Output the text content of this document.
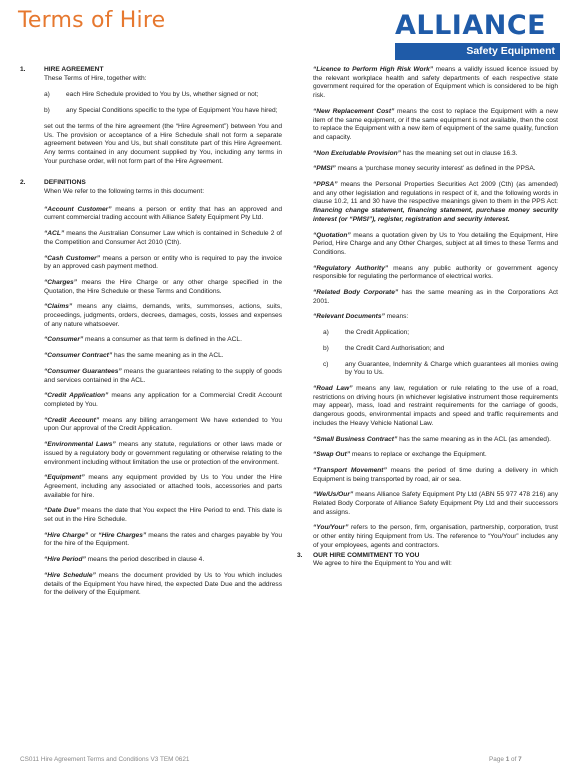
Terms of Hire	ALLIANCE
Safety Equipment
1.	HIRE AGREEMENT

These Terms of Hire, together with:

a)	each Hire Schedule provided to You by Us, whether signed or not;
b)	any Special Conditions specific to the type of Equipment You have hired;

set out the terms of the hire agreement (the “Hire Agreement”) between You and Us. The provision or acceptance of a Hire Schedule shall not form a separate agreement between You and Us, but shall constitute part of this Hire Agreement. Any terms contained in any document supplied by You, including any terms in Your purchase order, will not form part of the Hire Agreement.

2.	DEFINITIONS

When We refer to the following terms in this document:

“Account Customer” means a person or entity that has an approved and current commercial trading account with Alliance Safety Equipment Pty Ltd.

“ACL” means the Australian Consumer Law which is contained in Schedule 2 of the Competition and Consumer Act 2010 (Cth).

“Cash Customer” means a person or entity who is required to pay the invoice by an approved cash payment method.

“Charges” means the Hire Charge or any other charge specified in the Quotation, the Hire Schedule or these Terms and Conditions.

“Claims” means any claims, demands, writs, summonses, actions, suits, proceedings, judgments, orders, decrees, damages, costs, losses and expenses of any nature whatsoever.

“Consumer” means a consumer as that term is defined in the ACL.

“Consumer Contract” has the same meaning as in the ACL.

“Consumer Guarantees” means the guarantees relating to the supply of goods and services contained in the ACL.

“Credit Application” means any application for a Commercial Credit Account completed by You.

“Credit Account” means any billing arrangement We have extended to You upon Our approval of the Credit Application.

“Environmental Laws” means any statute, regulations or other laws made or issued by a regulatory body or government regulating or otherwise relating to the environment including without limitation the use or protection of the environment.

“Equipment” means any equipment provided by Us to You under the Hire Agreement, including any associated or attached tools, accessories and parts available for hire.

“Date Due” means the date that You expect the Hire Period to end. This date is set out in the Hire Schedule.

“Hire Charge” or “Hire Charges” means the rates and charges payable by You for the hire of the Equipment.

“Hire Period” means the period described in clause 4.

“Hire Schedule” means the document provided by Us to You which includes details of the Equipment You have hired, the expected Date Due and the address for the delivery of the Equipment.

“Licence to Perform High Risk Work” means a validly issued licence issued by the relevant workplace health and safety departments of each respective state government required for the operation of Equipment which is considered to be high risk.

“New Replacement Cost” means the cost to replace the Equipment with a new item of the same equipment, or if the same equipment is not available, then the cost to replace the Equipment with a new item of equipment of the same quality, function and capacity.

“Non Excludable Provision” has the meaning set out in clause 16.3.

“PMSI” means a ‘purchase money security interest’ as defined in the PPSA.

“PPSA” means the Personal Properties Securities Act 2009 (Cth) (as amended) and any other legislation and regulations in respect of it, and the following words in clause 10.2, 11 and 30 have the respective meanings given to them in the PPS Act: financing change statement, financing statement, purchase money security interest (or “PMSI”), register, registration and security interest.

“Quotation” means a quotation given by Us to You detailing the Equipment, Hire Period, Hire Charge and any Other Charges, subject at all times to these Terms and Conditions.

“Regulatory Authority” means any public authority or government agency responsible for regulating the performance of electrical works.

“Related Body Corporate” has the same meaning as in the Corporations Act 2001.

“Relevant Documents” means:

a)	the Credit Application;
b)	the Credit Card Authorisation; and
c)	any Guarantee, Indemnity & Charge which guarantees all monies owing by You to Us.

“Road Law” means any law, regulation or rule relating to the use of a road, restrictions on driving hours (in whichever legislative instrument those requirements may appear), mass, load and restraint requirements for the carriage of goods, dangerous goods, environmental impacts and speed and traffic requirements and includes the Heavy Vehicle National Law.

“Small Business Contract” has the same meaning as in the ACL (as amended).

“Swap Out” means to replace or exchange the Equipment.

“Transport Movement” means the period of time during a delivery in which Equipment is being transported by road, air or sea.

“We/Us/Our” means Alliance Safety Equipment Pty Ltd (ABN 55 977 478 216) any Related Body Corporate of Alliance Safety Equipment Pty Ltd and their successors and assigns.

“You/Your” refers to the person, firm, organisation, partnership, corporation, trust or other entity hiring Equipment from Us. The reference to “You/Your” includes any of your employees, agents and contractors.

3.	OUR HIRE COMMITMENT TO YOU

We agree to hire the Equipment to You and will:

CS011 Hire Agreement Terms and Conditions V3 TEM 0621	Page 1 of 7
